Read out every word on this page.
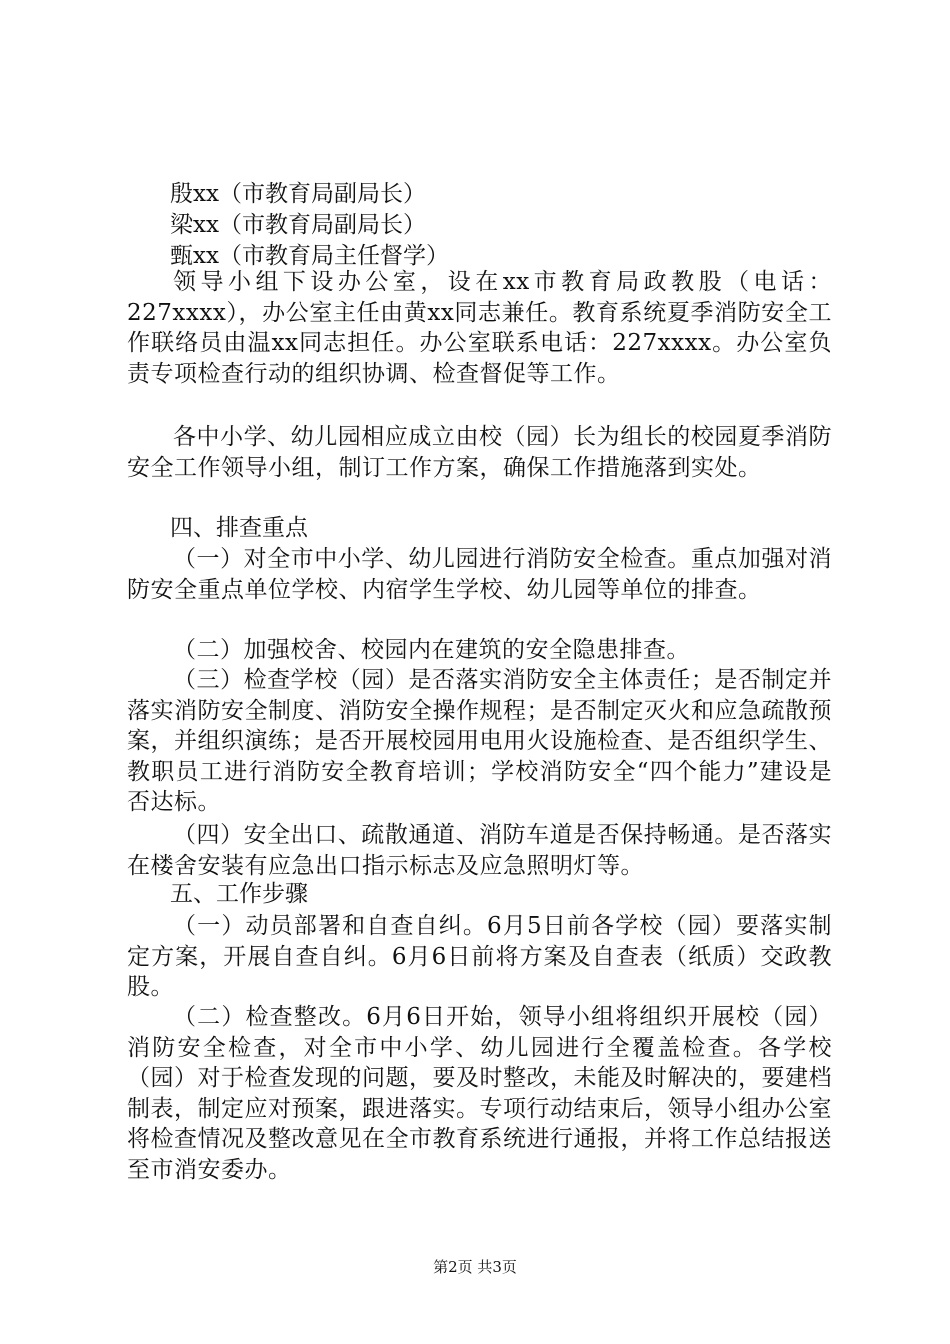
殷xx（市教育局副局长）
梁xx（市教育局副局长）
甄xx（市教育局主任督学）
领导小组下设办公室，设在xx市教育局政教股（电话：227xxxx），办公室主任由黄xx同志兼任。教育系统夏季消防安全工作联络员由温xx同志担任。办公室联系电话：227xxxx。办公室负责专项检查行动的组织协调、检查督促等工作。
各中小学、幼儿园相应成立由校（园）长为组长的校园夏季消防安全工作领导小组，制订工作方案，确保工作措施落到实处。
四、排查重点
（一）对全市中小学、幼儿园进行消防安全检查。重点加强对消防安全重点单位学校、内宿学生学校、幼儿园等单位的排查。
（二）加强校舍、校园内在建筑的安全隐患排查。
（三）检查学校（园）是否落实消防安全主体责任；是否制定并落实消防安全制度、消防安全操作规程；是否制定灭火和应急疏散预案，并组织演练；是否开展校园用电用火设施检查、是否组织学生、教职员工进行消防安全教育培训；学校消防安全“四个能力”建设是否达标。
（四）安全出口、疏散通道、消防车道是否保持畅通。是否落实在楼舍安装有应急出口指示标志及应急照明灯等。
五、工作步骤
（一）动员部署和自查自纠。6月5日前各学校（园）要落实制定方案，开展自查自纠。6月6日前将方案及自查表（纸质）交政教股。
（二）检查整改。6月6日开始，领导小组将组织开展校（园）消防安全检查，对全市中小学、幼儿园进行全覆盖检查。各学校（园）对于检查发现的问题，要及时整改，未能及时解决的，要建档制表，制定应对预案，跟进落实。专项行动结束后，领导小组办公室将检查情况及整改意见在全市教育系统进行通报，并将工作总结报送至市消安委办。
第2页 共3页
